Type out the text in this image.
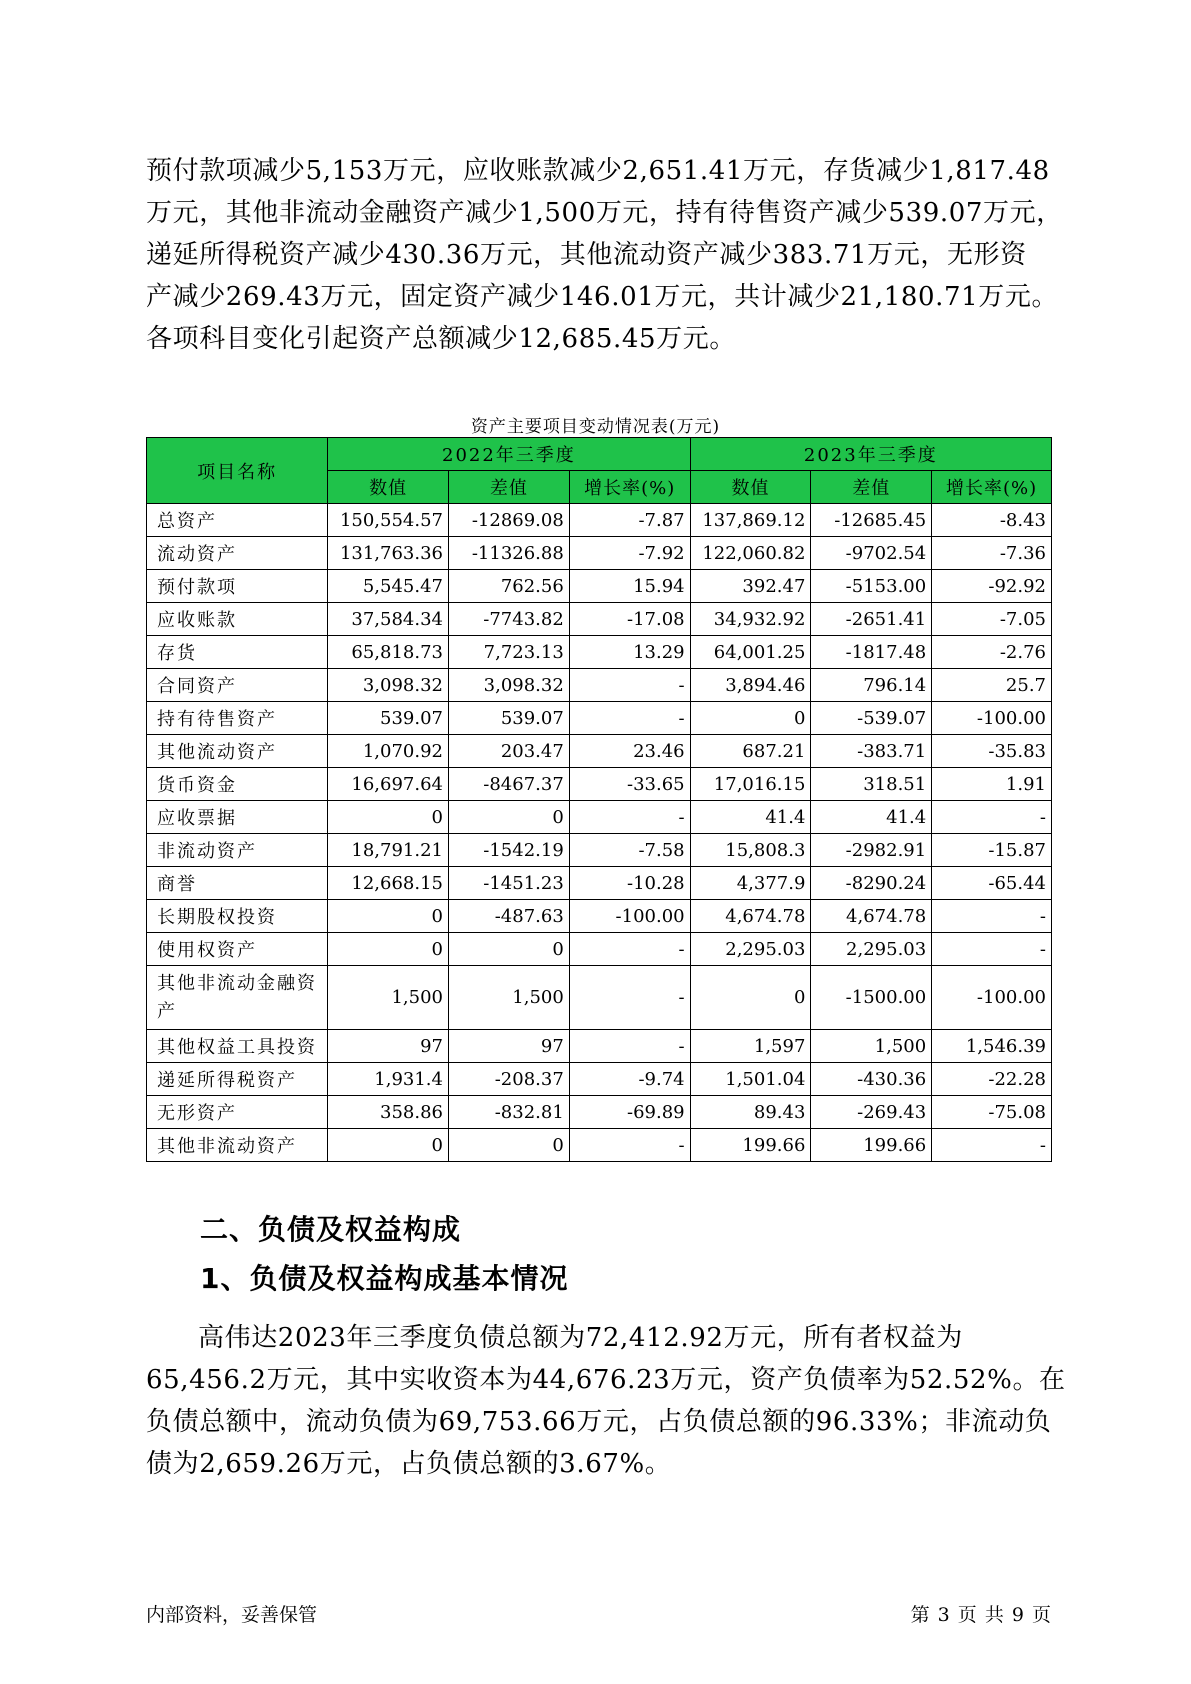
预付款项减少5,153万元，应收账款减少2,651.41万元，存货减少1,817.48
万元，其他非流动金融资产减少1,500万元，持有待售资产减少539.07万元，
递延所得税资产减少430.36万元，其他流动资产减少383.71万元，无形资
产减少269.43万元，固定资产减少146.01万元，共计减少21,180.71万元。
各项科目变化引起资产总额减少12,685.45万元。
资产主要项目变动情况表(万元)
项目名称	2022年三季度			2023年三季度		
	数值	差值	增长率(%)	数值	差值	增长率(%)
总资产	150,554.57	-12869.08	-7.87	137,869.12	-12685.45	-8.43
流动资产	131,763.36	-11326.88	-7.92	122,060.82	-9702.54	-7.36
预付款项	5,545.47	762.56	15.94	392.47	-5153.00	-92.92
应收账款	37,584.34	-7743.82	-17.08	34,932.92	-2651.41	-7.05
存货	65,818.73	7,723.13	13.29	64,001.25	-1817.48	-2.76
合同资产	3,098.32	3,098.32	-	3,894.46	796.14	25.7
持有待售资产	539.07	539.07	-	0	-539.07	-100.00
其他流动资产	1,070.92	203.47	23.46	687.21	-383.71	-35.83
货币资金	16,697.64	-8467.37	-33.65	17,016.15	318.51	1.91
应收票据	0	0	-	41.4	41.4	-
非流动资产	18,791.21	-1542.19	-7.58	15,808.3	-2982.91	-15.87
商誉	12,668.15	-1451.23	-10.28	4,377.9	-8290.24	-65.44
长期股权投资	0	-487.63	-100.00	4,674.78	4,674.78	-
使用权资产	0	0	-	2,295.03	2,295.03	-
其他非流动金融资产	1,500	1,500	-	0	-1500.00	-100.00
其他权益工具投资	97	97	-	1,597	1,500	1,546.39
递延所得税资产	1,931.4	-208.37	-9.74	1,501.04	-430.36	-22.28
无形资产	358.86	-832.81	-69.89	89.43	-269.43	-75.08
其他非流动资产	0	0	-	199.66	199.66	-
二、负债及权益构成
1、负债及权益构成基本情况
高伟达2023年三季度负债总额为72,412.92万元，所有者权益为
65,456.2万元，其中实收资本为44,676.23万元，资产负债率为52.52%。在
负债总额中，流动负债为69,753.66万元，占负债总额的96.33%；非流动负
债为2,659.26万元，占负债总额的3.67%。
内部资料，妥善保管	第 3 页 共 9 页
